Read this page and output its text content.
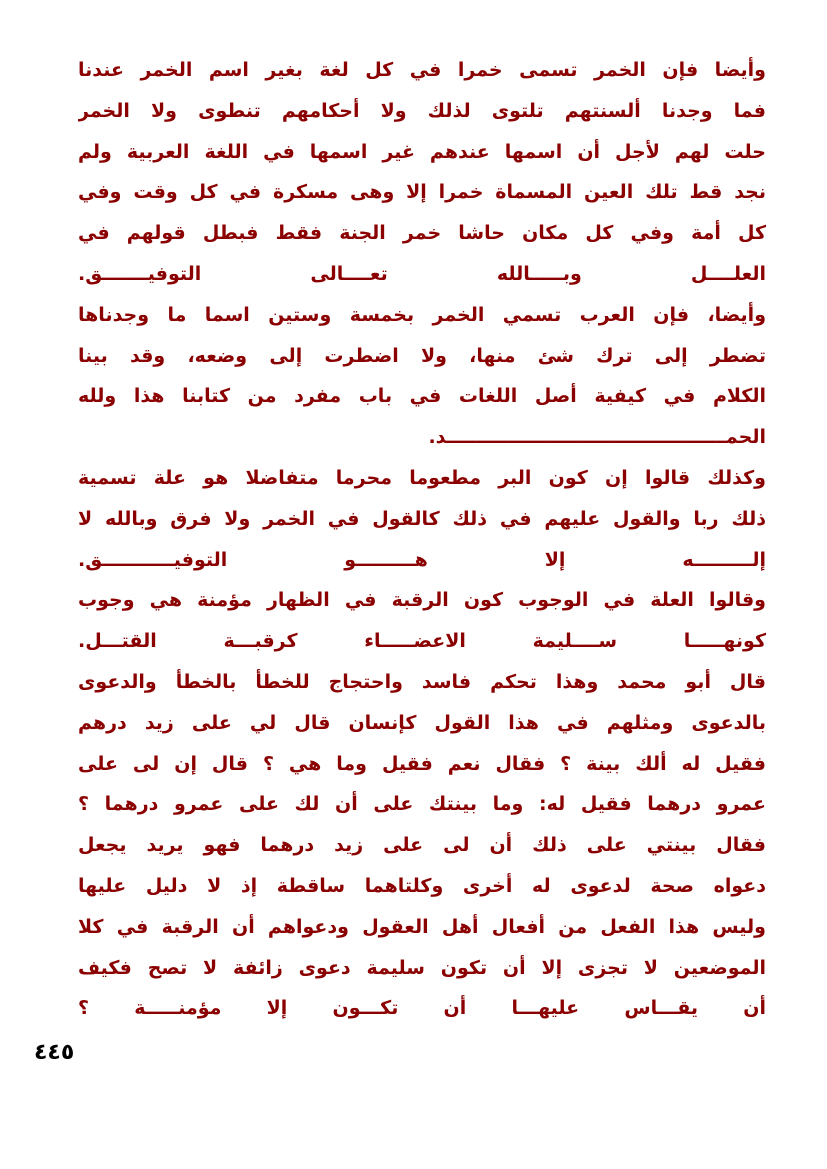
وأيضا فإن الخمر تسمى خمرا في كل لغة بغير اسم الخمر عندنا
فما وجدنا ألسنتهم تلتوى لذلك ولا أحكامهم تنطوى ولا الخمر
حلت لهم لأجل أن اسمها عندهم غير اسمها في اللغة العربية ولم
نجد قط تلك العين المسماة خمرا إلا وهى مسكرة في كل وقت وفي
كل أمة وفي كل مكان حاشا خمر الجنة فقط فبطل قولهم في
العلــــل وبـــــالله تعــــالى التوفيـــــــق.
وأيضا، فإن العرب تسمي الخمر بخمسة وستين اسما ما وجدناها
تضطر إلى ترك شئ منها، ولا اضطرت إلى وضعه، وقد بينا
الكلام في كيفية أصل اللغات في باب مفرد من كتابنا هذا ولله
الحمـــــــــــــــــــــــــــــــــــــــــــد.
وكذلك قالوا إن كون البر مطعوما محرما متفاضلا هو علة تسمية
ذلك ربا والقول عليهم في ذلك كالقول في الخمر ولا فرق وبالله لا
إلـــــــــه إلا هـــــــــو التوفيـــــــــــق.
وقالوا العلة في الوجوب كون الرقبة في الظهار مؤمنة هي وجوب
كونهـــــا ســــليمة الاعضـــــاء كرقبـــة القتـــل.
قال أبو محمد وهذا تحكم فاسد واحتجاج للخطأ بالخطأ والدعوى
بالدعوى ومثلهم في هذا القول كإنسان قال لي على زيد درهم
فقيل له ألك بينة ؟ فقال نعم فقيل وما هي ؟ قال إن لى على
عمرو درهما فقيل له: وما بينتك على أن لك على عمرو درهما ؟
فقال بينتي على ذلك أن لى على زيد درهما فهو يريد يجعل
دعواه صحة لدعوى له أخرى وكلتاهما ساقطة إذ لا دليل عليها
وليس هذا الفعل من أفعال أهل العقول ودعواهم أن الرقبة في كلا
الموضعين لا تجزى إلا أن تكون سليمة دعوى زائفة لا تصح فكيف
أن يقـــاس عليهـــا أن تكـــون إلا مؤمنـــــة ؟
٤٤٥
